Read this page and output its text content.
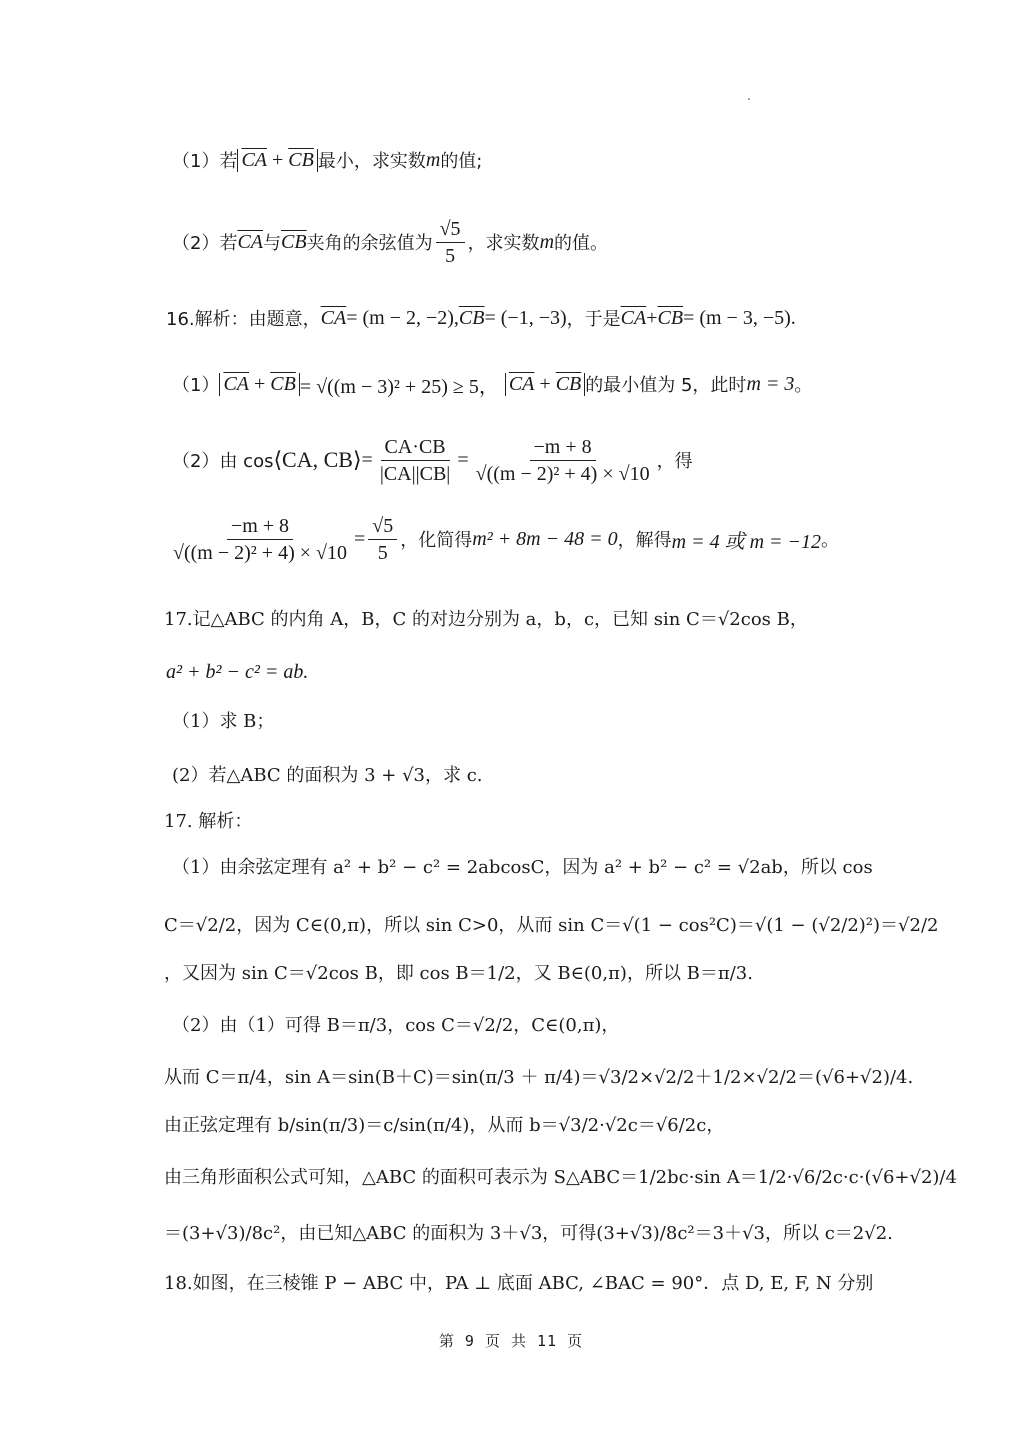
（1）若 $\overline{CA} + \overline{CB}$ 最小，求实数 m 的值;
（2）若 $\overline{CA}$ 与 $\overline{CB}$ 夹角的余弦值为 $\frac{√5}{5}$ ，求实数 m 的值。
16.解析：由题意， $\overline{CA} = (m - 2$, −2), $\overline{CB} = (-1$, −3) ，于是 $\overline{CA} + \overline{CB} = (m - 3$, −5).
（1） $\overline{CA} + \overline{CB} = √((m - 3)^2 + 25) \ge 5$， $\overline{CA} + \overline{CB}$ 的最小值为 5，此时 m = 3 。
（2）由 cos ⟨CA, CB⟩ = $\frac{CA\cdot CB}{|CA||CB|} = \frac{-m + 8}{\text{√((m − 2)² + 4) × √10}}$ ，得
$\frac{-m + 8}{\text{√((m − 2)² + 4) × √10}} = \frac{√5}{5}$ ，化简得 m² + 8m − 48 = 0 ，解得 m = 4 或 m = −12 。
17.记△ABC 的内角 A，B，C 的对边分别为 a，b，c，已知 sin C＝√2cos B，
a² + b² − c² = ab.
（1）求 B；
(2）若△ABC 的面积为 3 + √3，求 c.
17. 解析：
（1）由余弦定理有 a² + b² − c² = 2abcosC，因为 a² + b² − c² = √2ab，所以 cos
C＝√2/2，因为 C∈(0,π)，所以 sin C>0，从而 sin C＝√(1 − cos²C)＝√(1 − (√2/2)²)＝√2/2
，又因为 sin C＝√2cos B，即 cos B＝1/2，又 B∈(0,π)，所以 B＝π/3.
（2）由（1）可得 B＝π/3，cos C＝√2/2，C∈(0,π)，
从而 C＝π/4，sin A＝sin(B＋C)＝sin(π/3 ＋ π/4)＝√3/2×√2/2＋1/2×√2/2＝(√6+√2)/4.
由正弦定理有 b/sin(π/3)＝c/sin(π/4)，从而 b＝√3/2·√2c＝√6/2c，
由三角形面积公式可知，△ABC 的面积可表示为 S△ABC＝1/2bc·sin A＝1/2·√6/2c·c·(√6+√2)/4
＝(3+√3)/8c²，由已知△ABC 的面积为 3＋√3，可得(3+√3)/8c²＝3＋√3，所以 c＝2√2.
18.如图，在三棱锥 P − ABC 中，PA ⊥ 底面 ABC, ∠BAC = 90°．点 D, E, F, N 分别
第 9 页 共 11 页
